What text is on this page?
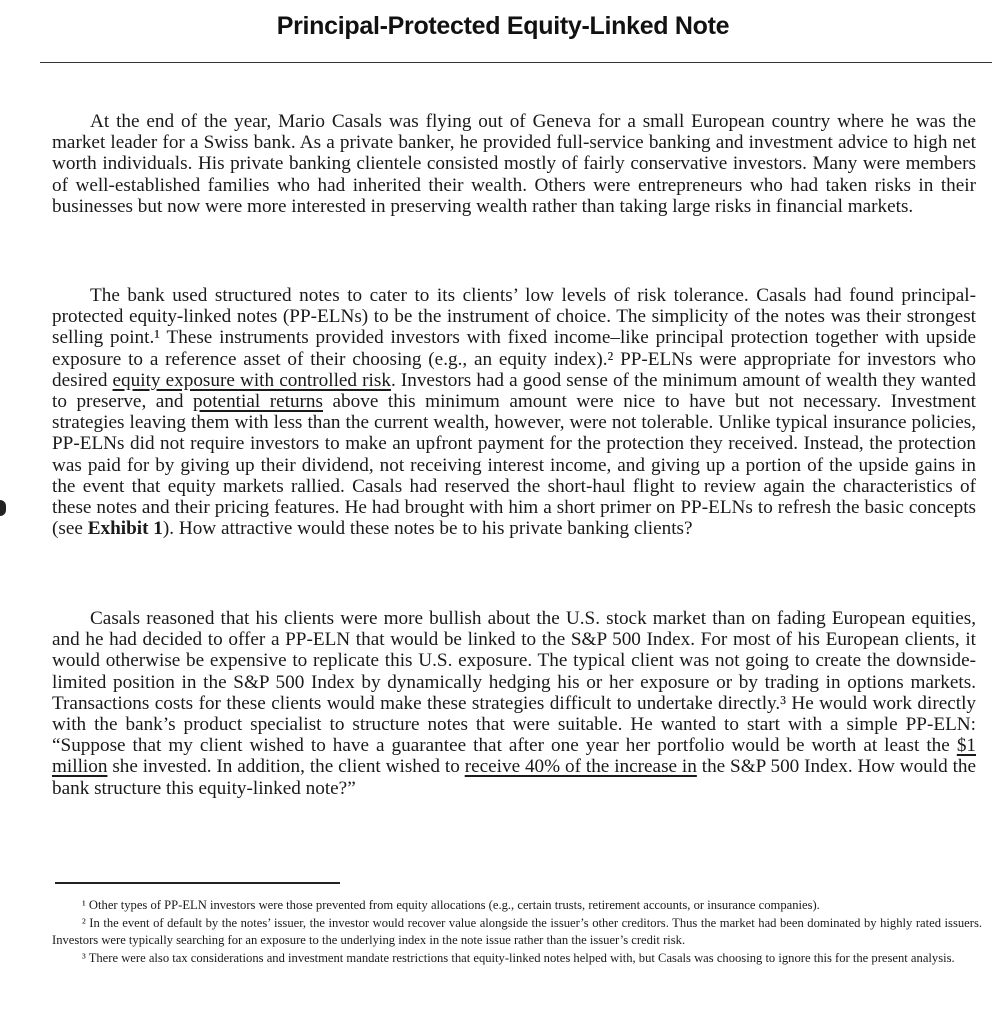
Principal-Protected Equity-Linked Note

At the end of the year, Mario Casals was flying out of Geneva for a small European country where he was the market leader for a Swiss bank. As a private banker, he provided full-service banking and investment advice to high net worth individuals. His private banking clientele consisted mostly of fairly conservative investors. Many were members of well-established families who had inherited their wealth. Others were entrepreneurs who had taken risks in their businesses but now were more interested in preserving wealth rather than taking large risks in financial markets.

The bank used structured notes to cater to its clients’ low levels of risk tolerance. Casals had found principal-protected equity-linked notes (PP-ELNs) to be the instrument of choice. The simplicity of the notes was their strongest selling point.¹ These instruments provided investors with fixed income–like principal protection together with upside exposure to a reference asset of their choosing (e.g., an equity index).² PP-ELNs were appropriate for investors who desired equity exposure with controlled risk. Investors had a good sense of the minimum amount of wealth they wanted to preserve, and potential returns above this minimum amount were nice to have but not necessary. Investment strategies leaving them with less than the current wealth, however, were not tolerable. Unlike typical insurance policies, PP-ELNs did not require investors to make an upfront payment for the protection they received. Instead, the protection was paid for by giving up their dividend, not receiving interest income, and giving up a portion of the upside gains in the event that equity markets rallied. Casals had reserved the short-haul flight to review again the characteristics of these notes and their pricing features. He had brought with him a short primer on PP-ELNs to refresh the basic concepts (see Exhibit 1). How attractive would these notes be to his private banking clients?

Casals reasoned that his clients were more bullish about the U.S. stock market than on fading European equities, and he had decided to offer a PP-ELN that would be linked to the S&P 500 Index. For most of his European clients, it would otherwise be expensive to replicate this U.S. exposure. The typical client was not going to create the downside-limited position in the S&P 500 Index by dynamically hedging his or her exposure or by trading in options markets. Transactions costs for these clients would make these strategies difficult to undertake directly.³ He would work directly with the bank’s product specialist to structure notes that were suitable. He wanted to start with a simple PP-ELN: “Suppose that my client wished to have a guarantee that after one year her portfolio would be worth at least the $1 million she invested. In addition, the client wished to receive 40% of the increase in the S&P 500 Index. How would the bank structure this equity-linked note?”

¹ Other types of PP-ELN investors were those prevented from equity allocations (e.g., certain trusts, retirement accounts, or insurance companies).

² In the event of default by the notes’ issuer, the investor would recover value alongside the issuer’s other creditors. Thus the market had been dominated by highly rated issuers. Investors were typically searching for an exposure to the underlying index in the note issue rather than the issuer’s credit risk.

³ There were also tax considerations and investment mandate restrictions that equity-linked notes helped with, but Casals was choosing to ignore this for the present analysis.
